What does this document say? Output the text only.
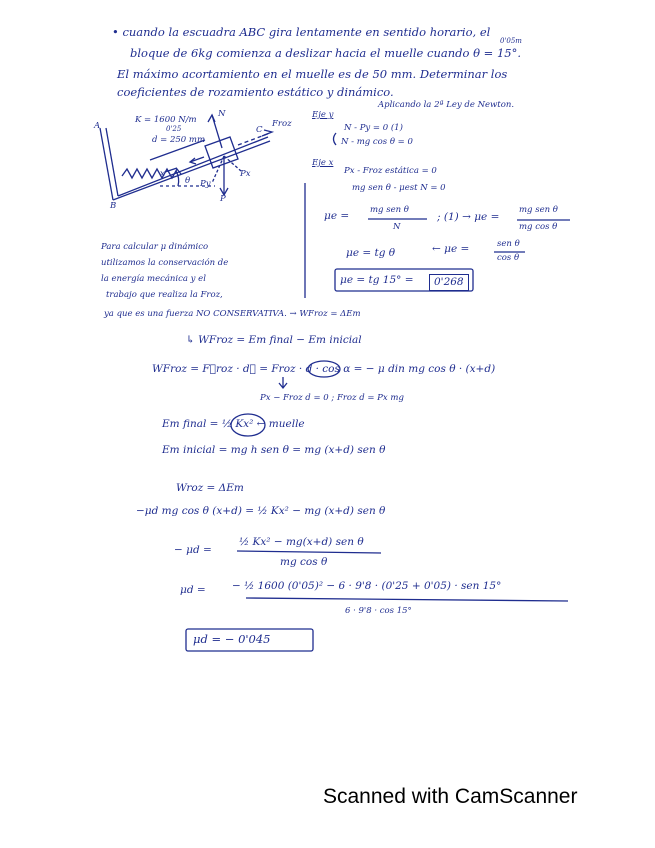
• cuando la escuadra ABC gira lentamente en sentido horario, el
bloque de 6kg comienza a deslizar hacia el muelle cuando θ = 15°.
0'05m
El máximo acortamiento en el muelle es de 50 mm. Determinar los
coeficientes de rozamiento estático y dinámico.
A
B
C
N
θ
K = 1600 N/m
0'25
d = 250 mm
x
Froz
P
Px
Py
Aplicando la 2ª Ley de Newton.
Eje y
N - Py = 0 (1)
N - mg cos θ = 0
Eje x
Px - Froz estática = 0
mg sen θ - μest N = 0
μe = mg sen θ
N
; (1) → μe =
mg sen θ
mg cos θ
μe = tg θ	← μe =	sen θ
cos θ
μe = tg 15° =	0'268
Para calcular μ dinámico
utilizamos la conservación de
la energía mecánica y el
trabajo que realiza la Froz,
ya que es una fuerza NO CONSERVATIVA. → WFroz = ΔEm
↳ WFroz = Em final − Em inicial
WFroz = F⃗roz · d⃗ = Froz · d · cos α = − μ din mg cos θ · (x+d)
Px − Froz d = 0 ; Froz d = Px mg
Em final = ½ Kx² ← muelle
Em inicial = mg h sen θ = mg (x+d) sen θ
Wroz = ΔEm
−μd mg cos θ (x+d) = ½ Kx² − mg (x+d) sen θ
− μd =
½ Kx² − mg(x+d) sen θ
mg cos θ
μd =	− ½ 1600 (0'05)² − 6 · 9'8 · (0'25 + 0'05) · sen 15°
6 · 9'8 · cos 15°
μd = − 0'045
Scanned with CamScanner
